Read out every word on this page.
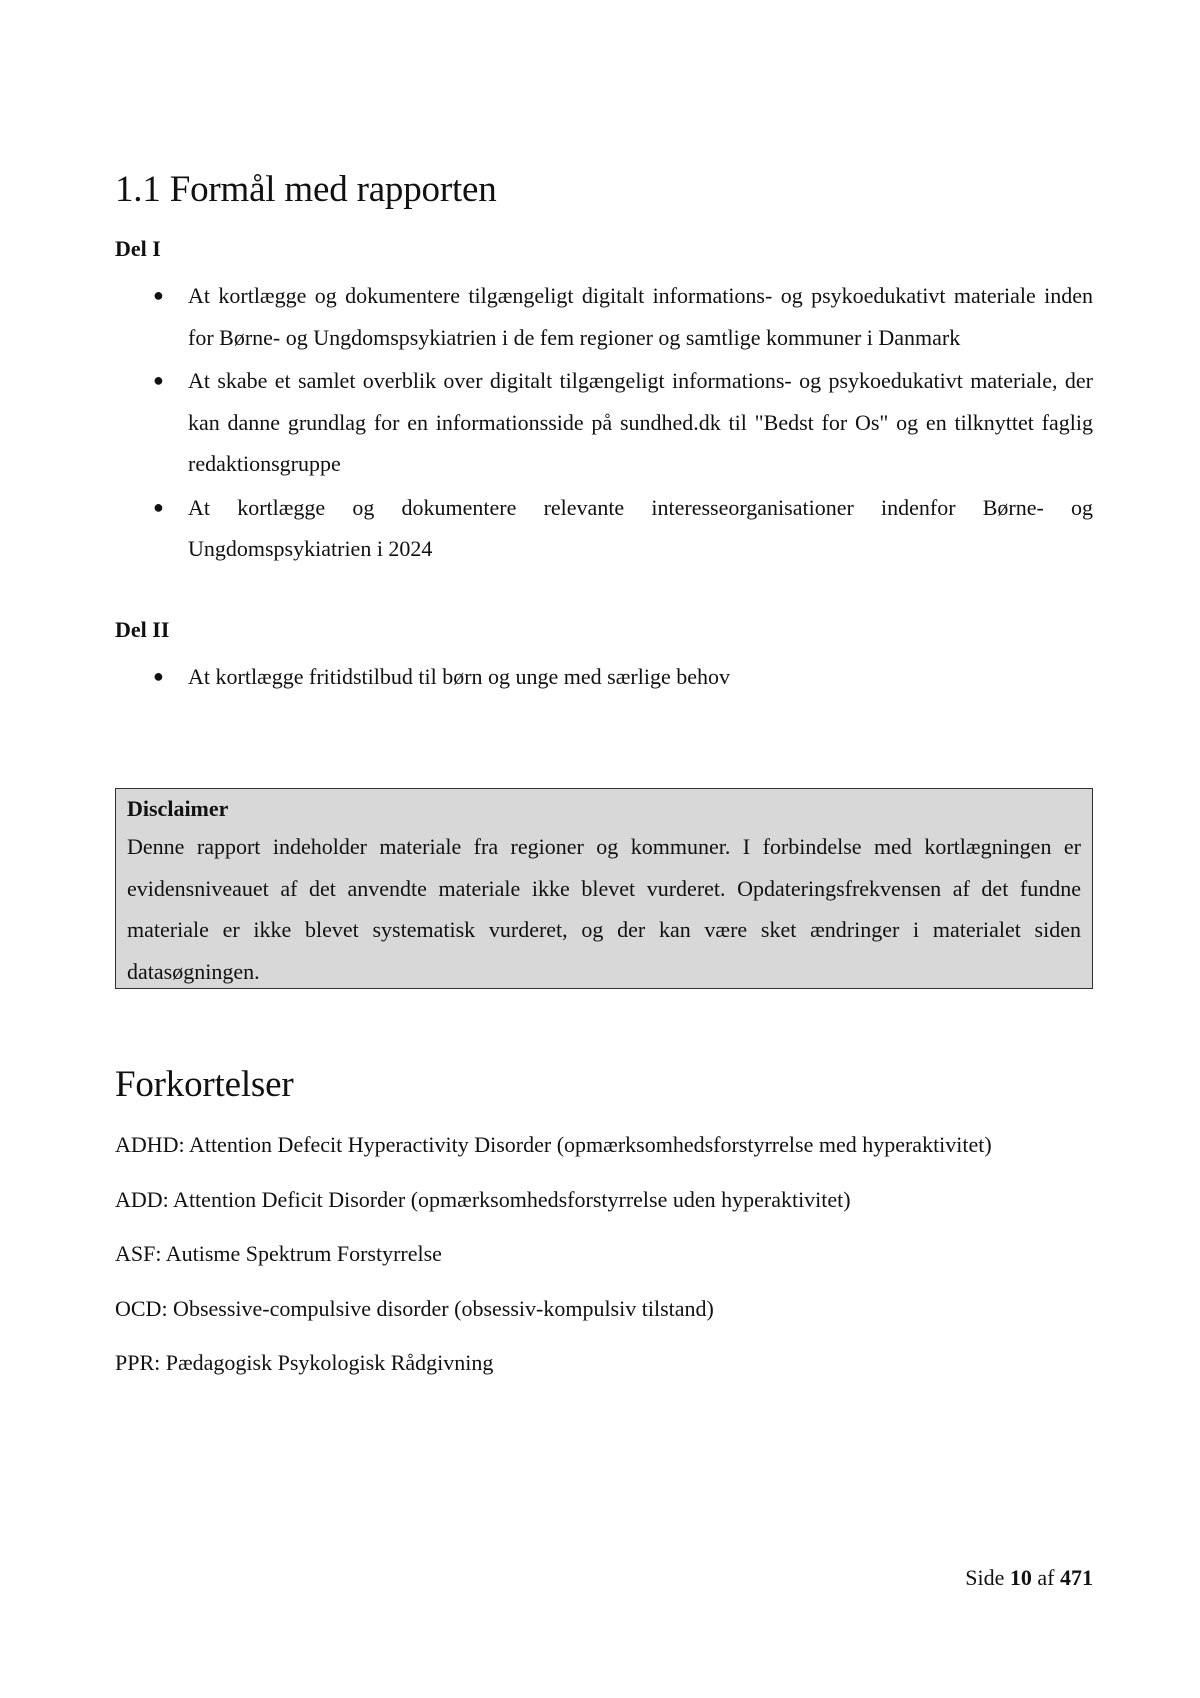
1.1 Formål med rapporten
Del I
● At kortlægge og dokumentere tilgængeligt digitalt informations- og psykoedukativt materiale inden for Børne- og Ungdomspsykiatrien i de fem regioner og samtlige kommuner i Danmark
● At skabe et samlet overblik over digitalt tilgængeligt informations- og psykoedukativt materiale, der kan danne grundlag for en informationsside på sundhed.dk til "Bedst for Os" og en tilknyttet faglig redaktionsgruppe
● At kortlægge og dokumentere relevante interesseorganisationer indenfor Børne- og Ungdomspsykiatrien i 2024
Del II
● At kortlægge fritidstilbud til børn og unge med særlige behov

Disclaimer

Denne rapport indeholder materiale fra regioner og kommuner. I forbindelse med kortlægningen er evidensniveauet af det anvendte materiale ikke blevet vurderet. Opdateringsfrekvensen af det fundne materiale er ikke blevet systematisk vurderet, og der kan være sket ændringer i materialet siden datasøgningen.

Forkortelser
ADHD: Attention Defecit Hyperactivity Disorder (opmærksomhedsforstyrrelse med hyperaktivitet)
ADD: Attention Deficit Disorder (opmærksomhedsforstyrrelse uden hyperaktivitet)
ASF: Autisme Spektrum Forstyrrelse
OCD: Obsessive-compulsive disorder (obsessiv-kompulsiv tilstand)
PPR: Pædagogisk Psykologisk Rådgivning
Side 10 af 471
